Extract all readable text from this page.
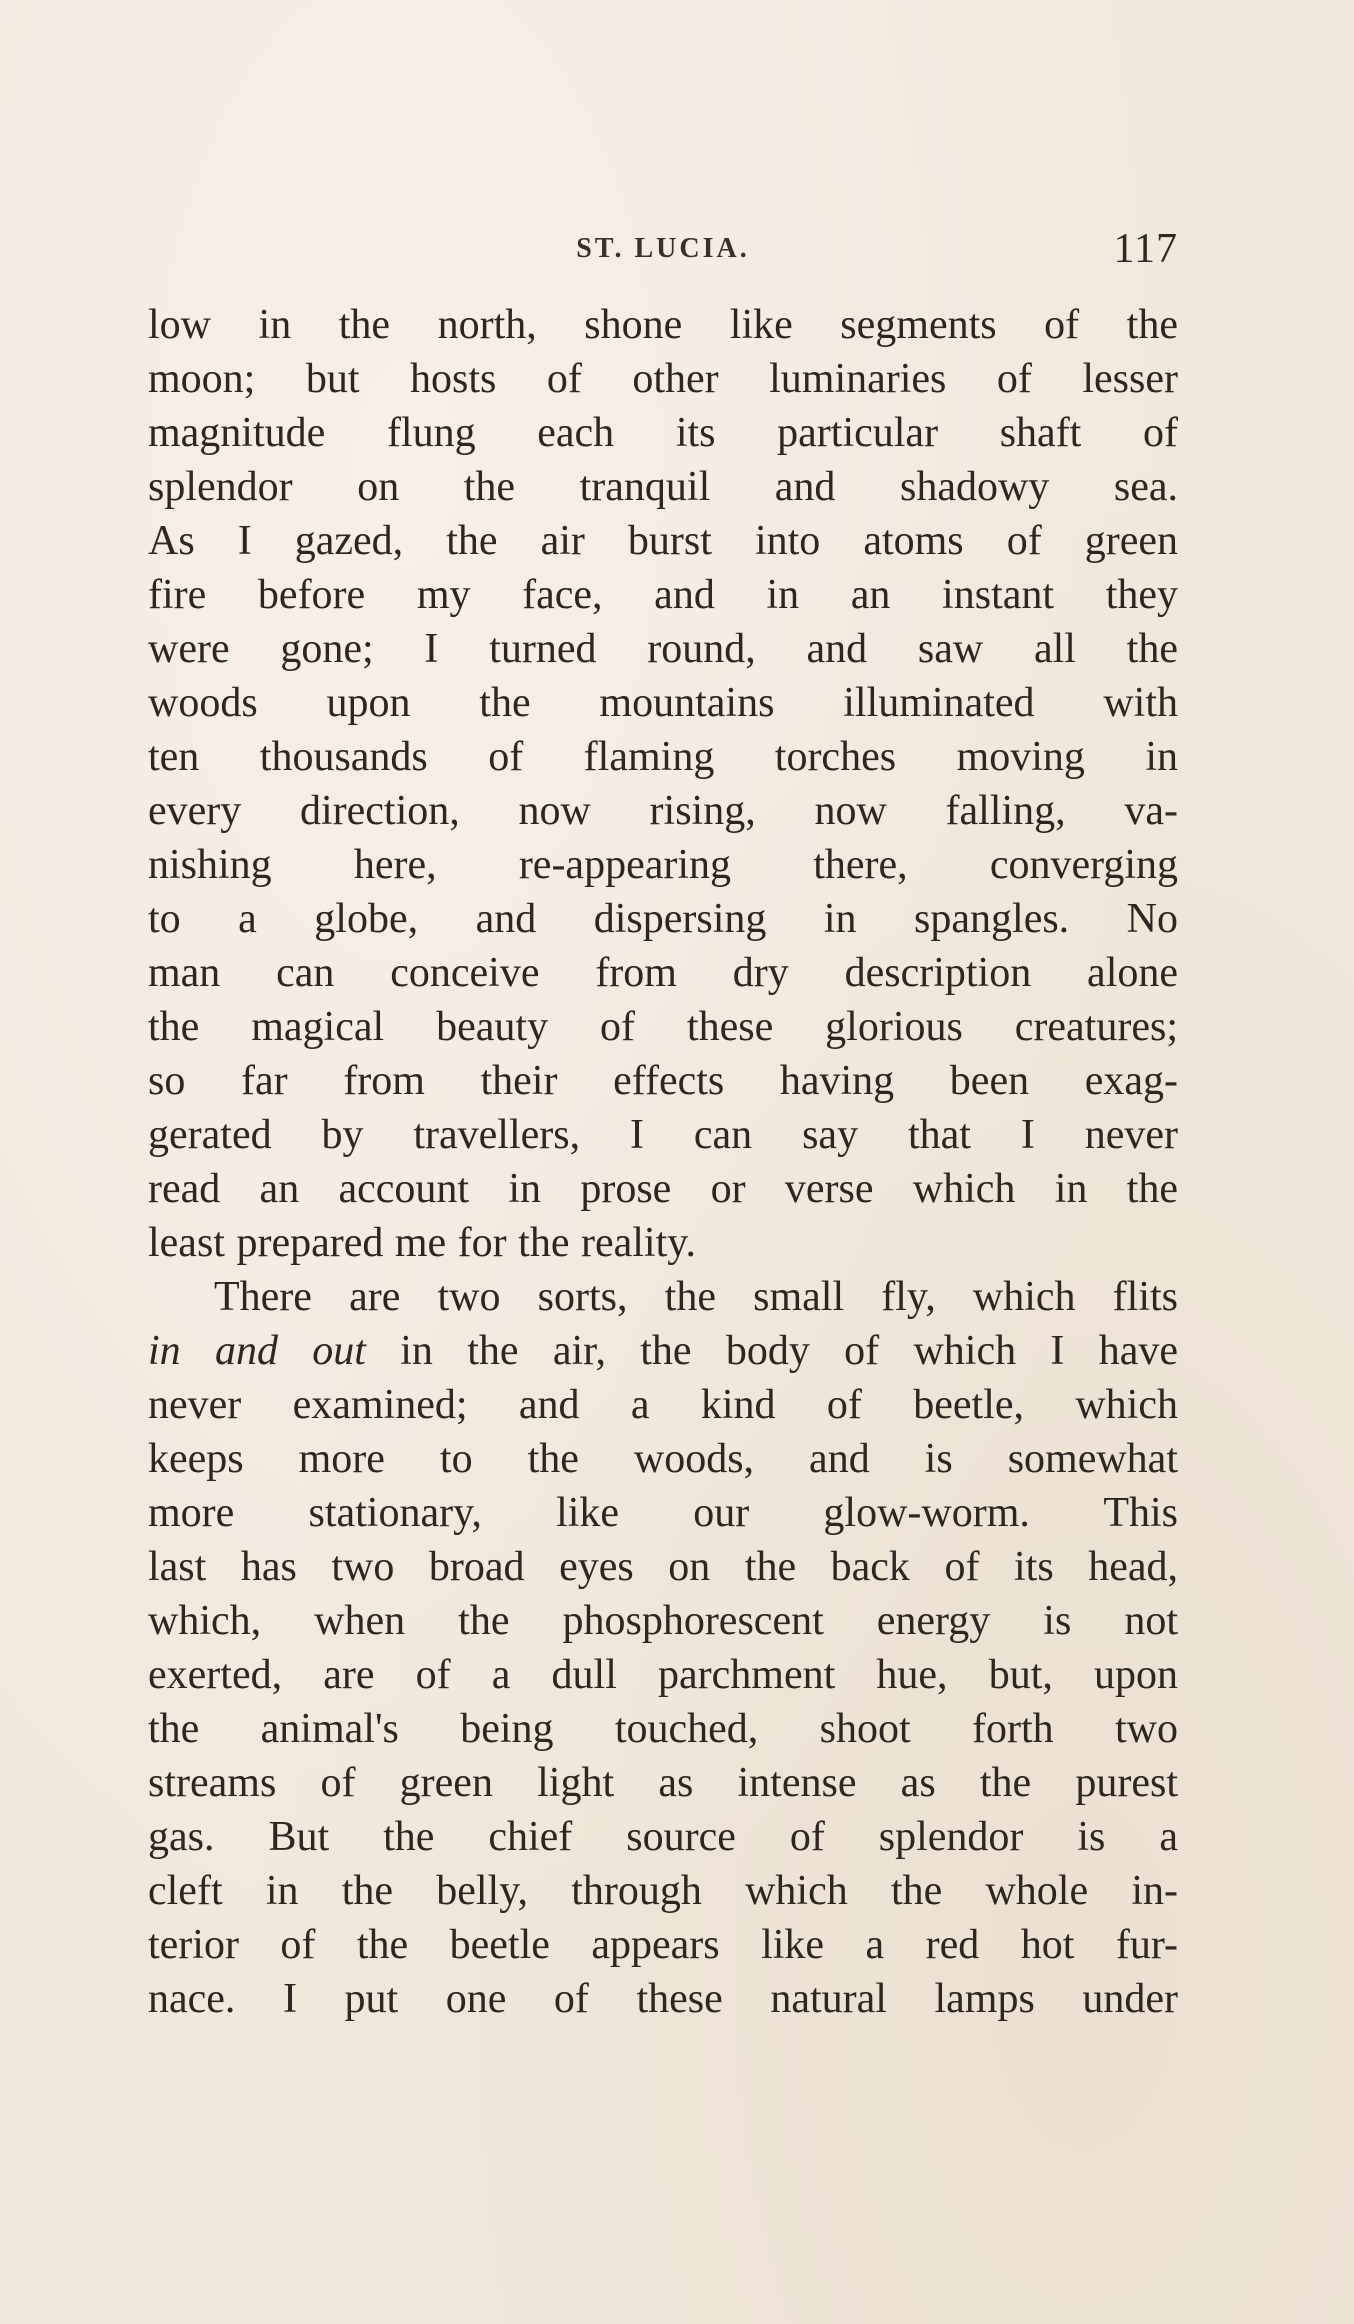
ST. LUCIA.	117

low in the north, shone like segments of the
moon; but hosts of other luminaries of lesser
magnitude flung each its particular shaft of
splendor on the tranquil and shadowy sea.
As I gazed, the air burst into atoms of green
fire before my face, and in an instant they
were gone; I turned round, and saw all the
woods upon the mountains illuminated with
ten thousands of flaming torches moving in
every direction, now rising, now falling, va-
nishing here, re-appearing there, converging
to a globe, and dispersing in spangles. No
man can conceive from dry description alone
the magical beauty of these glorious creatures;
so far from their effects having been exag-
gerated by travellers, I can say that I never
read an account in prose or verse which in the
least prepared me for the reality.

There are two sorts, the small fly, which flits
in and out in the air, the body of which I have
never examined; and a kind of beetle, which
keeps more to the woods, and is somewhat
more stationary, like our glow-worm. This
last has two broad eyes on the back of its head,
which, when the phosphorescent energy is not
exerted, are of a dull parchment hue, but, upon
the animal's being touched, shoot forth two
streams of green light as intense as the purest
gas. But the chief source of splendor is a
cleft in the belly, through which the whole in-
terior of the beetle appears like a red hot fur-
nace. I put one of these natural lamps under
